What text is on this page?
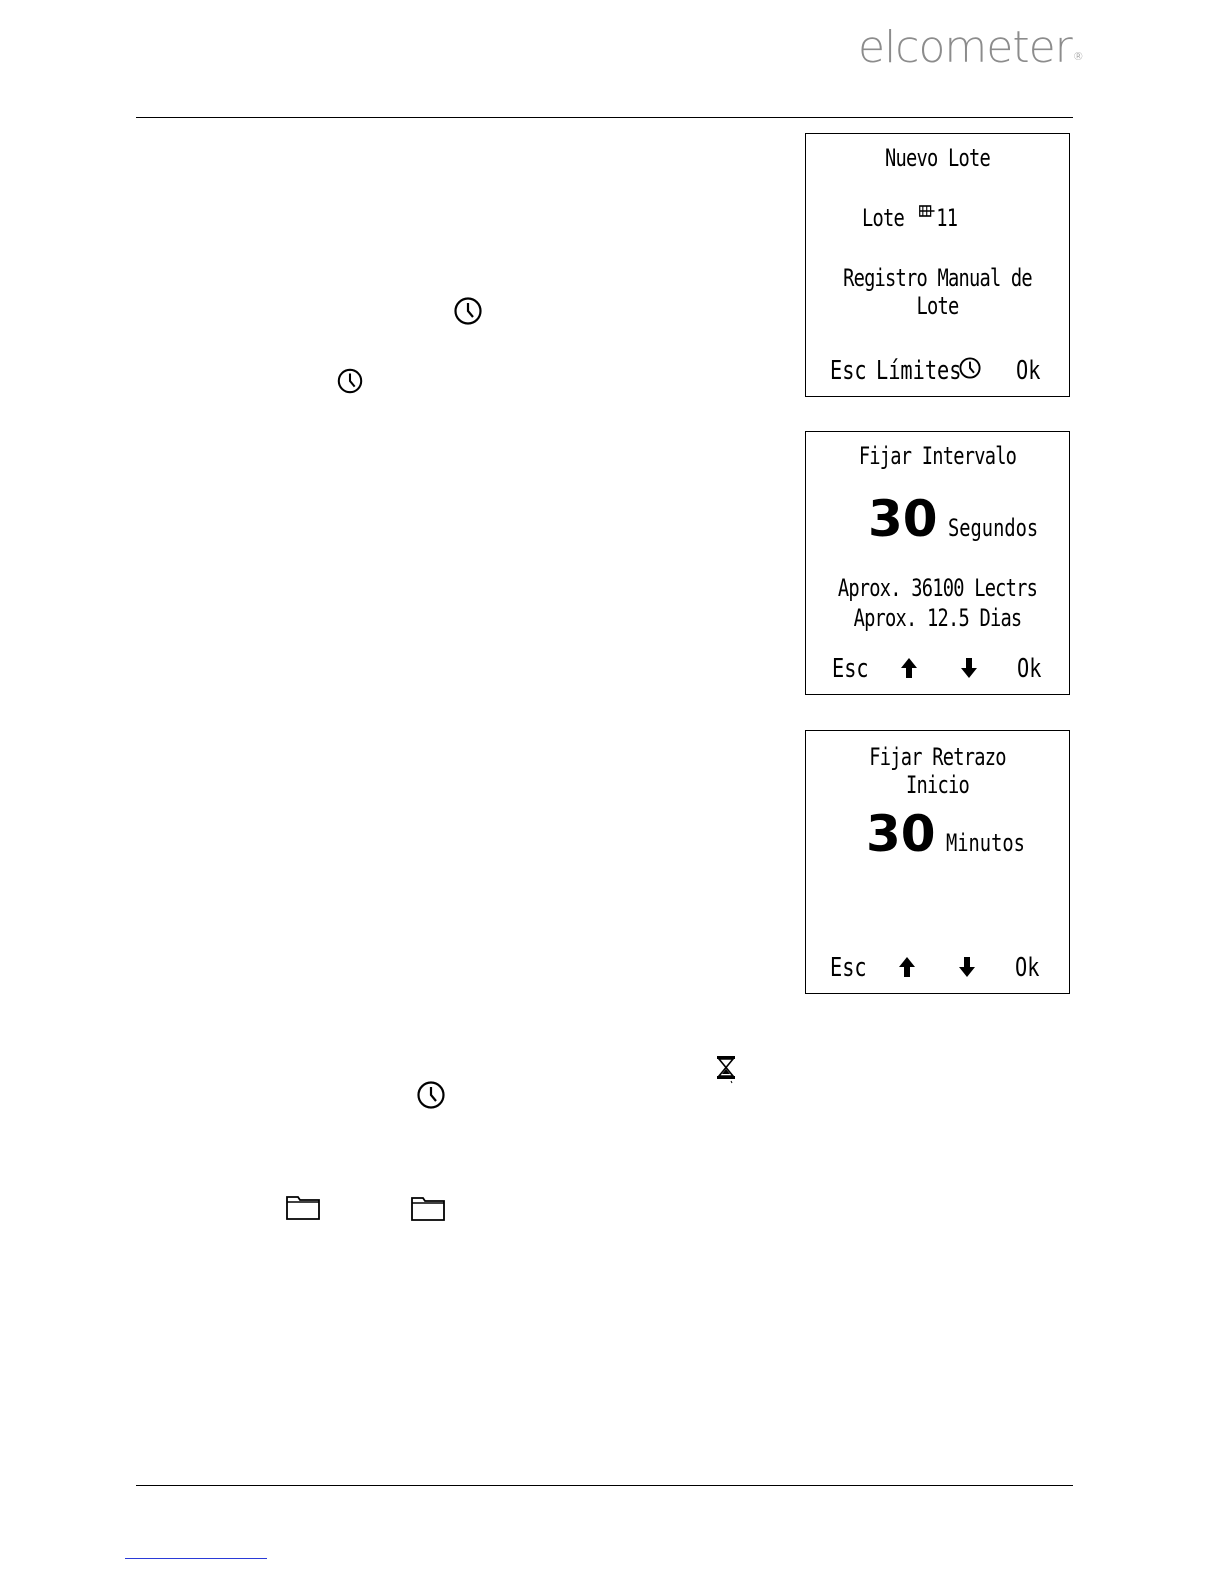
elcometer®
Nuevo Lote
Lote 11
Registro Manual de Lote
Esc Límites Ok
Fijar Intervalo
30 Segundos
Aprox. 36100 Lectrs
Aprox. 12.5 Dias
Esc	Ok
Fijar Retrazo Inicio
30 Minutos
Esc	Ok
